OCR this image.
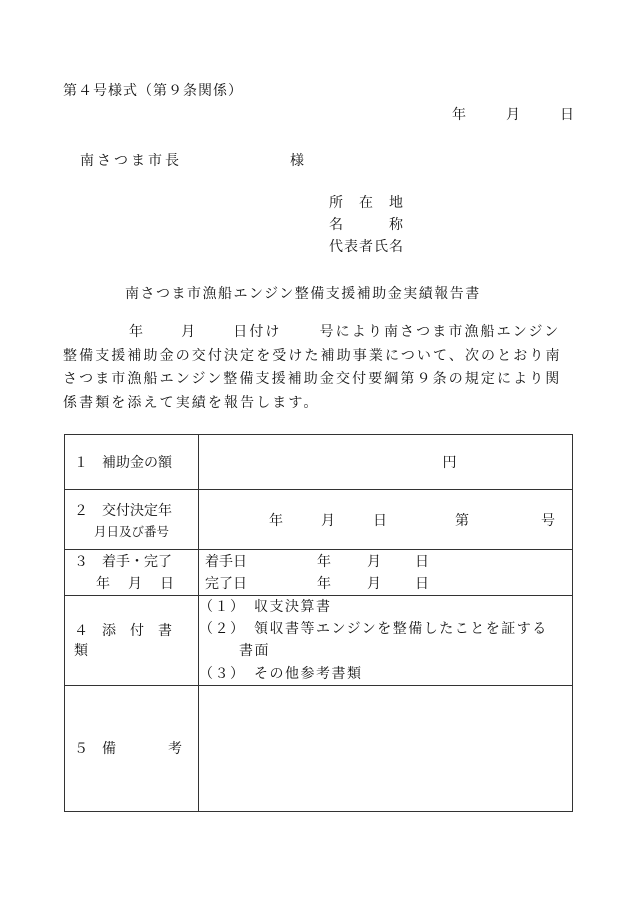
第４号様式（第９条関係）
年	月	日
南さつま市長	様
所　在　地
名　　　称
代表者氏名
南さつま市漁船エンジン整備支援補助金実績報告書
年	月	日付け	号により南さつま市漁船エンジン整備支援補助金の交付決定を受けた補助事業について、次のとおり南さつま市漁船エンジン整備支援補助金交付要綱第９条の規定により関係書類を添えて実績を報告します。
１　補助金の額	円

２　交付決定年
月日及び番号	年 月 日 第 号

３　着手・完了
年　月　日	着手日 年 月 日
完了日 年 月 日

４　添　付　書　類	（１）　収支決算書
（２）　領収書等エンジンを整備したことを証する
書面
（３）　その他参考書類

５　備 考	
